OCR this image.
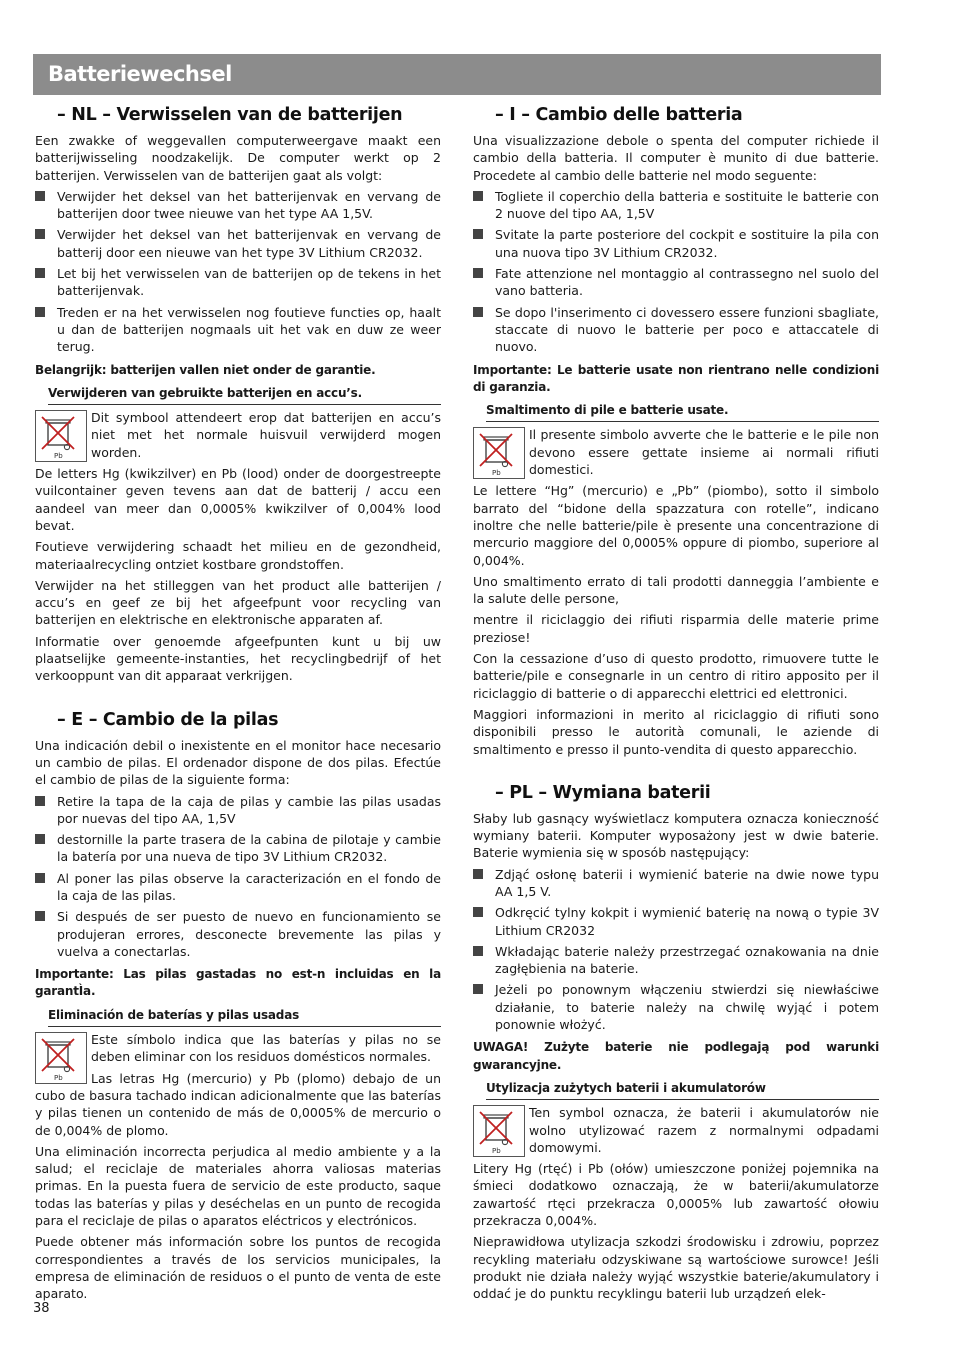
Batteriewechsel
– NL – Verwisselen van de batterijen

Een zwakke of weggevallen computerweergave maakt een batterijwisseling noodzakelijk. De computer werkt op 2 batterijen. Verwisselen van de batterijen gaat als volgt:

Verwijder het deksel van het batterijenvak en vervang de batterijen door twee nieuwe van het type AA 1,5V.
Verwijder het deksel van het batterijenvak en vervang de batterij door een nieuwe van het type 3V Lithium CR2032.
Let bij het verwisselen van de batterijen op de tekens in het batterijenvak.
Treden er na het verwisselen nog foutieve functies op, haalt u dan de batterijen nogmaals uit het vak en duw ze weer terug.

Belangrijk: batterijen vallen niet onder de garantie.

Verwijderen van gebruikte batterijen en accu’s.
Pb

Dit symbool attendeert erop dat batterijen en accu’s niet met het normale huisvuil verwijderd mogen worden.

De letters Hg (kwikzilver) en Pb (lood) onder de doorgestreepte vuilcontainer geven tevens aan dat de batterij / accu een aandeel van meer dan 0,0005% kwikzilver of 0,004% lood bevat.

Foutieve verwijdering schaadt het milieu en de gezondheid, materiaalrecycling ontziet kostbare grondstoffen.

Verwijder na het stilleggen van het product alle batterijen / accu’s en geef ze bij het afgeefpunt voor recycling van batterijen en elektrische en elektronische apparaten af.

Informatie over genoemde afgeefpunten kunt u bij uw plaatselijke gemeente-instanties, het recyclingbedrijf of het verkooppunt van dit apparaat verkrijgen.

– E – Cambio de la pilas

Una indicación debil o inexistente en el monitor hace necesario un cambio de pilas. El ordenador dispone de dos pilas. Efectúe el cambio de pilas de la siguiente forma:

Retire la tapa de la caja de pilas y cambie las pilas usadas por nuevas del tipo AA, 1,5V
destornille la parte trasera de la cabina de pilotaje y cambie la batería por una nueva de tipo 3V Lithium CR2032.
Al poner las pilas observe la caracterización en el fondo de la caja de las pilas.
Si después de ser puesto de nuevo en funcionamiento se produjeran errores, desconecte brevemente las pilas y vuelva a conectarlas.

Importante: Las pilas gastadas no est‐n incluidas en la garantÌa.

Eliminación de baterías y pilas usadas
Pb

Este símbolo indica que las baterías y pilas no se deben eliminar con los residuos domésticos normales.

Las letras Hg (mercurio) y Pb (plomo) debajo de un cubo de basura tachado indican adicionalmente que las baterías y pilas tienen un contenido de más de 0,0005% de mercurio o de 0,004% de plomo.

Una eliminación incorrecta perjudica al medio ambiente y a la salud; el reciclaje de materiales ahorra valiosas materias primas. En la puesta fuera de servicio de este producto, saque todas las baterías y pilas y deséchelas en un punto de recogida para el reciclaje de pilas o aparatos eléctricos y electrónicos.

Puede obtener más información sobre los puntos de recogida correspondientes a través de los servicios municipales, la empresa de eliminación de residuos o el punto de venta de este aparato.

– I – Cambio delle batteria

Una visualizzazione debole o spenta del computer richiede il cambio della batteria. Il computer è munito di due batterie. Procedete al cambio delle batterie nel modo seguente:

Togliete il coperchio della batteria e sostituite le batterie con 2 nuove del tipo AA, 1,5V
Svitate la parte posteriore del cockpit e sostituire la pila con una nuova tipo 3V Lithium CR2032.
Fate attenzione nel montaggio al contrassegno nel suolo del vano batteria.
Se dopo l'inserimento ci dovessero essere funzioni sbagliate, staccate di nuovo le batterie per poco e attaccatele di nuovo.

Importante: Le batterie usate non rientrano nelle condizioni di garanzia.

Smaltimento di pile e batterie usate.
Pb

Il presente simbolo avverte che le batterie e le pile non devono essere gettate insieme ai normali rifiuti domestici.

Le lettere “Hg” (mercurio) e „Pb” (piombo), sotto il simbolo barrato del “bidone della spazzatura con rotelle”, indicano inoltre che nelle batterie/pile è presente una concentrazione di mercurio maggiore del 0,0005% oppure di piombo, superiore al 0,004%.

Uno smaltimento errato di tali prodotti danneggia l’ambiente e la salute delle persone,

mentre il riciclaggio dei rifiuti risparmia delle materie prime preziose!

Con la cessazione d’uso di questo prodotto, rimuovere tutte le batterie/pile e consegnarle in un centro di ritiro apposito per il riciclaggio di batterie o di apparecchi elettrici ed elettronici.

Maggiori informazioni in merito al riciclaggio di rifiuti sono disponibili presso le autorità comunali, le aziende di smaltimento e presso il punto-vendita di questo apparecchio.

– PL – Wymiana baterii

Słaby lub gasnący wyświetlacz komputera oznacza konieczność wymiany baterii. Komputer wyposażony jest w dwie baterie. Baterie wymienia się w sposób następujący:

Zdjąć osłonę baterii i wymienić baterie na dwie nowe typu AA 1,5 V.
Odkręcić tylny kokpit i wymienić baterię na nową o typie 3V Lithium CR2032
Wkładając baterie należy przestrzegać oznakowania na dnie zagłębienia na baterie.
Jeżeli po ponownym włączeniu stwierdzi się niewłaściwe działanie, to baterie należy na chwilę wyjąć i potem ponownie włożyć.

UWAGA! Zużyte baterie nie podlegają pod warunki gwarancyjne.

Utylizacja zużytych baterii i akumulatorów
Pb

Ten symbol oznacza, że baterii i akumulatorów nie wolno utylizować razem z normalnymi odpadami domowymi.

Litery Hg (rtęć) i Pb (ołów) umieszczone poniżej pojemnika na śmieci dodatkowo oznaczają, że w baterii/akumulatorze zawartość rtęci przekracza 0,0005% lub zawartość ołowiu przekracza 0,004%.

Nieprawidłowa utylizacja szkodzi środowisku i zdrowiu, poprzez recykling materiału odzyskiwane są wartościowe surowce! Jeśli produkt nie działa należy wyjąć wszystkie baterie/akumulatory i oddać je do punktu recyklingu baterii lub urządzeń elek-

38
